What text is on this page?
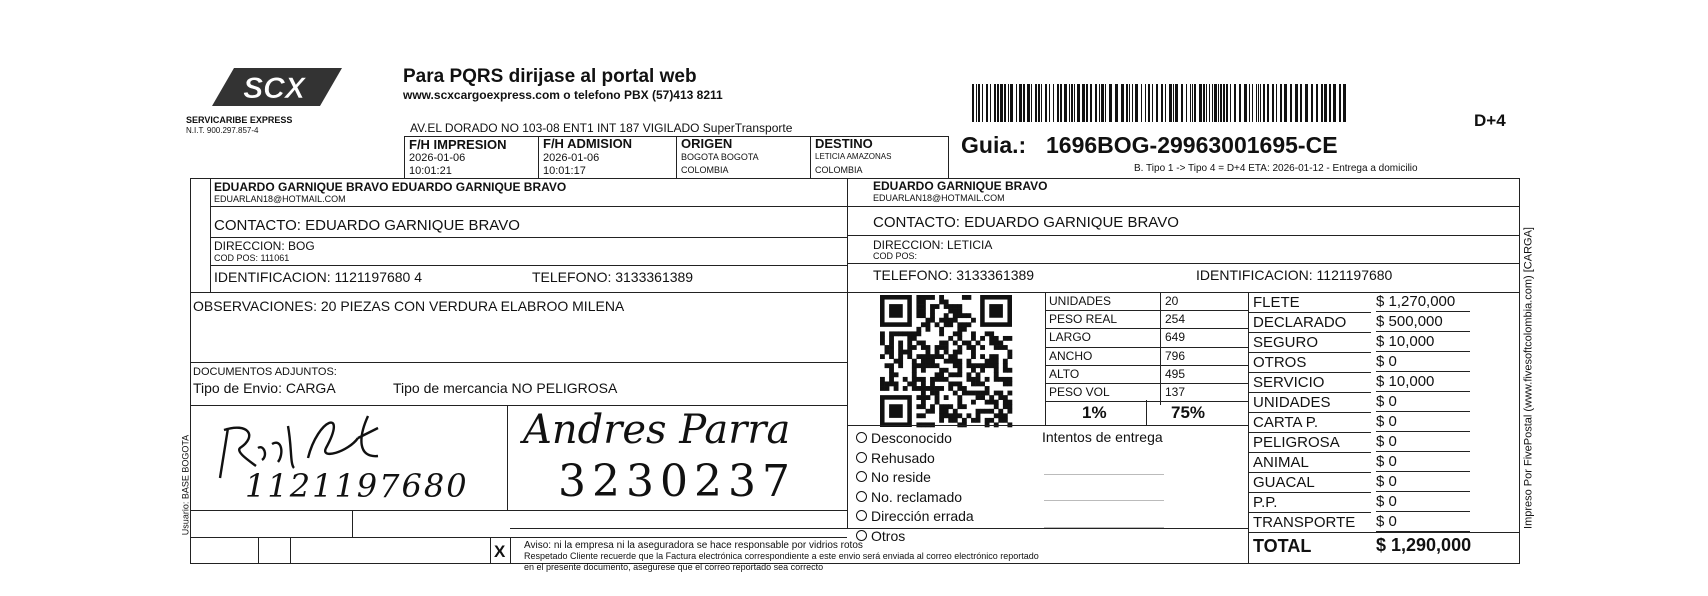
SCX
SERVICARIBE EXPRESS
N.I.T. 900.297.857-4
Para PQRS dirijase al portal web
www.scxcargoexpress.com o telefono PBX (57)413 8211
AV.EL DORADO NO 103-08 ENT1 INT 187 VIGILADO SuperTransporte	D+4
Guia.: 1696BOG-29963001695-CE
B. Tipo 1 -> Tipo 4 = D+4 ETA: 2026-01-12 - Entrega a domicilio
F/H IMPRESION
2026-01-06
10:01:21
F/H ADMISION
2026-01-06
10:01:17
ORIGEN
BOGOTA BOGOTA
COLOMBIA
DESTINO
LETICIA AMAZONAS
COLOMBIA
EDUARDO GARNIQUE BRAVO EDUARDO GARNIQUE BRAVO
EDUARLAN18@HOTMAIL.COM
CONTACTO: EDUARDO GARNIQUE BRAVO
DIRECCION: BOG
COD POS: 111061
IDENTIFICACION: 1121197680 4	TELEFONO: 3133361389
EDUARDO GARNIQUE BRAVO
EDUARLAN18@HOTMAIL.COM
CONTACTO: EDUARDO GARNIQUE BRAVO
DIRECCION: LETICIA
COD POS:
TELEFONO: 3133361389	IDENTIFICACION: 1121197680
OBSERVACIONES: 20 PIEZAS CON VERDURA ELABROO MILENA
DOCUMENTOS ADJUNTOS:
Tipo de Envio: CARGA	Tipo de mercancia NO PELIGROSA
X
1121197680
Andres Parra
3230237
UNIDADES	20
PESO REAL	254
LARGO	649
ANCHO	796
ALTO	495
PESO VOL	137
1%	75%
Desconocido
Rehusado
No reside
No. reclamado
Dirección errada
Otros
Intentos de entrega
FLETE	$ 1,270,000
DECLARADO $ 500,000
SEGURO	$ 10,000
OTROS	$ 0
SERVICIO	$ 10,000
UNIDADES	$ 0
CARTA P.	$ 0
PELIGROSA $ 0
ANIMAL	$ 0
GUACAL	$ 0
P.P.	$ 0
TRANSPORTE $ 0
TOTAL	$ 1,290,000
Aviso: ni la empresa ni la aseguradora se hace responsable por vidrios rotos
Respetado Cliente recuerde que la Factura electrónica correspondiente a este envio será enviada al correo electrónico reportado
en el presente documento, asegurese que el correo reportado sea correcto
Usuario: BASE BOGOTA	Impreso Por FivePostal (www.fivesoftcolombia.com) [CARGA]
